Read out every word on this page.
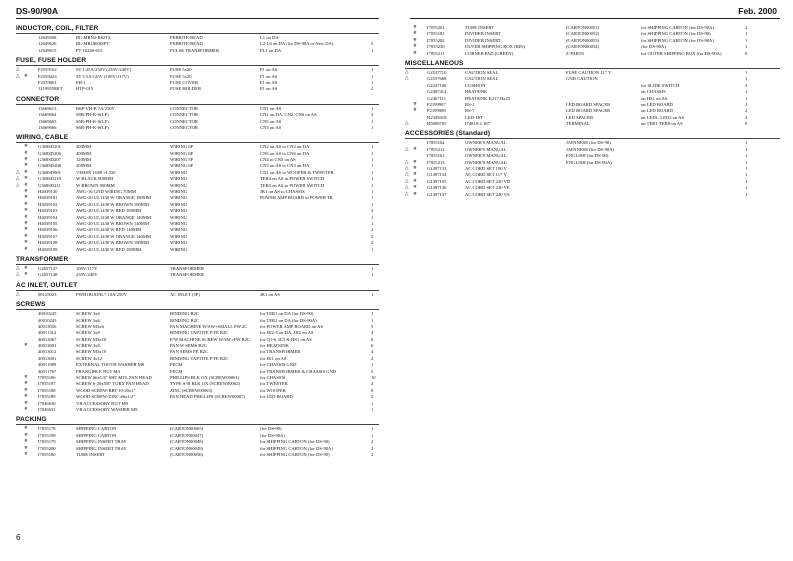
DS-90/90A	Feb. 2000
INDUCTOR, COIL, FILTER
12649268	BL-MRN2-R62T2	FERRITE-BEAD	L1 on DA
12649626	BL-MR1860ISPT	FERRITE-BEAD	L2-L6 on DA (for DS-90A or New DA)	5
12649615	PT-10246-615	PULSE TRANSFORMER	FL1 on DA	1
FUSE, FUSE HOLDER
△	F2559102	ST 1.25A/250V (230V/240V)	FUSE 5x20	F1 on AS	1
△ #	F2559424	ST 3.5A/125V (100V/117V)	FUSE 5x20	F1 on AS	1
F2559001	FH-1	FUSE COVER	F1 on AS	1
12199558KT	HTF-015	FUSE HOLDER	F1 on AS	2
CONNECTOR
13669613	B6P-VH-B 7A/250V	CONNECTOR	CN1 on AS	1
13669664	S8B-PH-K-S(LF)	CONNECTOR	CN1 on DA, CN2, CN6 on AS	3
13669665	S5B-PH-K-S(LF)	CONNECTOR	CN5 on AS	1
13669666	S6B-PH-K-S(LF)	CONNECTOR	CN3 on AS	1
WIRING, CABLE
#	G368SD201	400MM	WIRING 6P	CN2 on AS to CN2 on DA	1
#	G368SD206	400MM	WIRING 6P	CN6 on AS to CN6 on DA	1
#	G368SD207	120MM	WIRING 5P	CN4 to CN5 on AS	1
#	G368SD208	200MM	WIRING 6P	CN3 on AS to CN3 on DA	1
△ #	G368SD901	VEHSN L600 +L550	WIRING	CN1 on AS to WOOFER & TWEETER.	1
△ #	G368SD210	W BLACK 900MM	WIRING	TER4 on AS to POWER SWITCH	1
△ #	G368SD211	W BROWN 900MM	WIRING	TER3 on AS to POWER SWITCH	1
#	H4039130	AWG-16 GND WIRING 70MM	WIRING	JK1 on AS to CHASSIS	1
#	H4039101	AWG-20 UL1430 W ORANGE 180MM	WIRING	POWER AMP BOARD to POWER TR	1
#	H4039102	AWG-20 UL1430 W BROWN 180MM	WIRING	1
#	H4039103	AWG-20 UL1430 W RED 180MM	WIRING	3
#	H4039104	AWG-20 UL1430 W ORANGE 140MM	WIRING	1
#	H4039105	AWG-20 UL1430 W BROWN 140MM	WIRING	1
#	H4039106	AWG-20 UL1430 W RED 140MM	WIRING	2
#	H4039107	AWG-20 UL1430 W ORANGE 140MM	WIRING	2
#	H4039108	AWG-20 UL1430 W BROWN 180MM	WIRING	2
#	H4039109	AWG-20 UL1430 W RED 180MM	WIRING	1
TRANSFORMER
△ #	G2657147	100V/117V	TRANSFORMER	1
△ #	G2657148	230V/240V	TRANSFORMER	1
AC INLET, OUTLET
△	00125023	PWH1B1SINL7 10A/250V	AC INLET (3P)	JK1 on AS	1
SCREWS
40010245	SCREW 3x6	BINDING B2C	for TER1 on DA (for DS-90)	1
40010245	SCREW 3x6	BINDING B2C	for TER1 on DA (for DS-90A)	1
40013056	SCREW M3x6	PAN MACHINE W/SW+SMALL PW 2C	for POWER AMP BOARD on AS	5
40011312	SCREW 3x8	BINDING TAPTITE P FE B2C	for JK2-3 on DA, JK2 on AS	4
40012067	SCREW M3x10	P/W MACHINE SCREW W/SW+FW B2C	for Q1-6, IC5 & HS1 on AS	6
#	40013001	SCREW 3x8	PAN W SEMS B2C	for HEATSINK	6
40013012	SCREW M3x10	PAN SEMS FE B2C	for TRANSFORMER	4
40013001	SCREW 4x12	BINDING TAPTITE P FE B2C	for JK1 on AS	2
40011889	EXTERNAL TOOTH WASHER M8	FECM	for CHASSIS GND	1
40011767	FRANGIBLE NUT M4	FECM	for TRANSFORMER & CHASSIS GND	5
#	I7055186	SCREW #6x1/4" SHT MTL PAN HEAD	PHILLIPS BLK OX (SCREW00061)	for CHASSIS	10
#	I7055187	SCREW 6-20x5/8" TORX PAN HEAD	TYPE A-B BLK OX (SCREW00062)	for TWEETER	4
#	I7055188	WOOD SCREW-BRT 10-20x1"	ZINC (SCREW00063)	for WOOFER	8
#	I7055189	WOOD SCREW-ZINC #6x1/2"	PAN HEAD PHILLIPS (SCREW00067)	for LED BOARD	2
#	I7046630	VR ACCESSORY NUT M9	1
#	I7046631	VR ACCESSORY WASHER M9	1
PACKING
#	I7055178	SHIPPING CARTON	(CARTON00065)	(for DS-90)	1
#	I7055199	SHIPPING CARTON	(CARTON00047)	(for DS-90A)	1
#	I7055179	SHIPPING INSERT TRAY	(CARTON00048)	for SHIPPING CARTON (for DS-90)	2
#	I7055200	SHIPPING INSERT TRAY	(CARTON00049)	for SHIPPING CARTON (for DS-90A)	2
#	I7055180	TUBE INSERT	(CARTON00050)	for SHIPPING CARTON (for DS-90)	2
#	I7055201	TUBE INSERT	(CARTON00051)	for SHIPPING CARTON (for DS-90A)	2
#	I7055181	DIVIDER INSERT	(CARTON00052)	for SHIPPING CARTON (for DS-90)	1
#	I7055202	DIVIDER INSERT	(CARTON00053)	for SHIPPING CARTON (for DS-90A)	1
#	I7055230	OUTER SHIPPING BOX (BIN)	(CARTON00054)	(for DS-90A)	1
#	I7055211	CORNER PAD (GREEN)	Z-PARTS	for OUTER SHIPPING BOX (for DS-90A)	8
MISCELLANEOUS
△	G2537710	CAUTION SEAL	FUSE CAUTION 117 V	1
△	G2537668	CAUTION SEAL	GND CAUTION	1
G2247106	CUSHION	for SLIDE SWITCH	3
G2487412	HEATSINK	on CHASSIS	1
G2467111	HEATSINK K217 Ha25	on HS1 on AS	1
#	F2199907	RS-1	LED BOARD SPACER	on LED BOARD	2
#	F2199908	RS-7	LED BOARD SPACER	on LED BOARD	2
H2349418	LED-18T	LED SPACER	on LED1, LED2 on AS	2
△	H5009705	I74819-2 187	TERMINAL	on TER1-TER8 on AS	8
ACCESSORIES (Standard)
I7055162	OWNER'S MANUAL	JAPANESE (for DS-90)	1
△ #	I7055212	OWNER'S MANUAL	JAPANESE (for DS-90A)	1
I7055161	OWNER'S MANUAL	ENGLISH (for DS-90)	1
△ #	I7055213	OWNER'S MANUAL	ENGLISH (for DS-90A)	1
△ #	G1497133	AC CORD SET 100 V	1
△ #	G1497134	AC CORD SET 117 V	1
△ #	G1497135	AC CORD SET 230 VD	1
△ #	G1497136	AC CORD SET 230 VE	1
△ #	G1497137	AC CORD SET 240 VA	1
6
